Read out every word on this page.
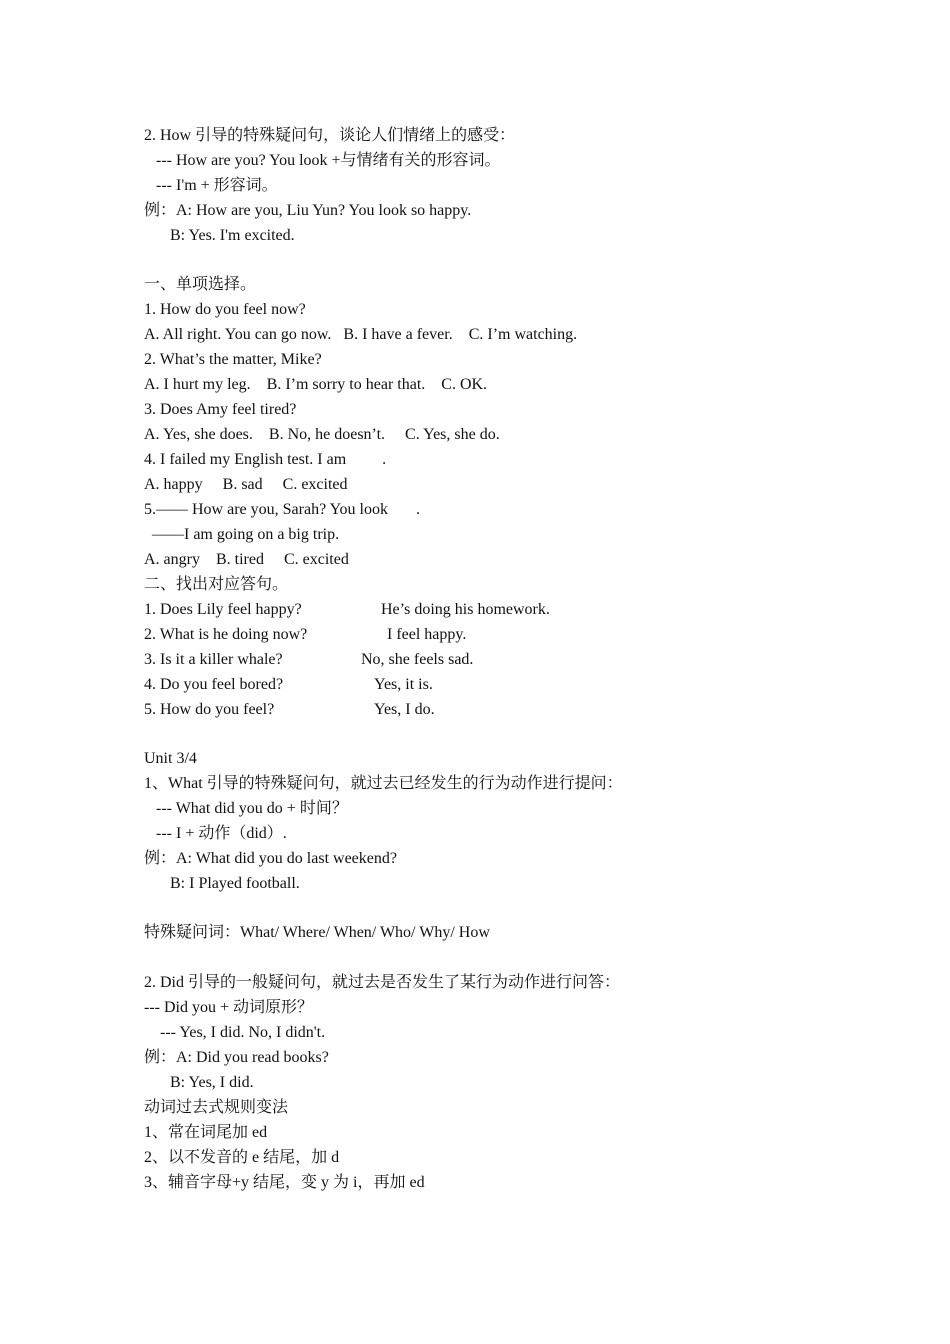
2. How 引导的特殊疑问句，谈论人们情绪上的感受：
--- How are you? You look +与情绪有关的形容词。
--- I'm + 形容词。
例：A: How are you, Liu Yun? You look so happy.
B: Yes. I'm excited.
一、单项选择。
1. How do you feel now?
A. All right. You can go now.   B. I have a fever.    C. I’m watching.
2. What’s the matter, Mike?
A. I hurt my leg.    B. I’m sorry to hear that.    C. OK.
3. Does Amy feel tired?
A. Yes, she does.    B. No, he doesn’t.     C. Yes, she do.
4. I failed my English test. I am         .
A. happy     B. sad     C. excited
5.—— How are you, Sarah? You look       .
——I am going on a big trip.
A. angry    B. tired     C. excited
二、找出对应答句。
1. Does Lily feel happy?	He’s doing his homework.
2. What is he doing now?	I feel happy.
3. Is it a killer whale?	No, she feels sad.
4. Do you feel bored?	Yes, it is.
5. How do you feel?	Yes, I do.
Unit 3/4
1、What 引导的特殊疑问句，就过去已经发生的行为动作进行提问：
--- What did you do + 时间？
--- I + 动作（did）.
例：A: What did you do last weekend?
B: I Played football.
特殊疑问词：What/ Where/ When/ Who/ Why/ How
2. Did 引导的一般疑问句，就过去是否发生了某行为动作进行问答：
--- Did you + 动词原形？
--- Yes, I did. No, I didn't.
例：A: Did you read books?
B: Yes, I did.
动词过去式规则变法
1、常在词尾加 ed
2、以不发音的 e 结尾，加 d
3、辅音字母+y 结尾，变 y 为 i，再加 ed
